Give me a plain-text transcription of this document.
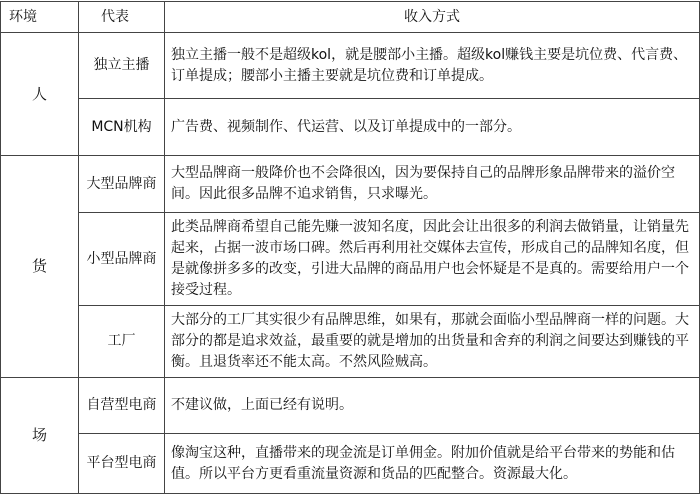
环境	代表	收入方式
人	独立主播	独立主播一般不是超级kol，就是腰部小主播。超级kol赚钱主要是坑位费、代言费、订单提成；腰部小主播主要就是坑位费和订单提成。
	MCN机构	广告费、视频制作、代运营、以及订单提成中的一部分。
货	大型品牌商	大型品牌商一般降价也不会降很凶，因为要保持自己的品牌形象品牌带来的溢价空间。因此很多品牌不追求销售，只求曝光。
	小型品牌商	此类品牌商希望自己能先赚一波知名度，因此会让出很多的利润去做销量，让销量先起来，占据一波市场口碑。然后再利用社交媒体去宣传，形成自己的品牌知名度，但是就像拼多多的改变，引进大品牌的商品用户也会怀疑是不是真的。需要给用户一个接受过程。
	工厂	大部分的工厂其实很少有品牌思维，如果有，那就会面临小型品牌商一样的问题。大部分的都是追求效益，最重要的就是增加的出货量和舍弃的利润之间要达到赚钱的平衡。且退货率还不能太高。不然风险贼高。
场	自营型电商	不建议做，上面已经有说明。
	平台型电商	像淘宝这种，直播带来的现金流是订单佣金。附加价值就是给平台带来的势能和估值。所以平台方更看重流量资源和货品的匹配整合。资源最大化。
